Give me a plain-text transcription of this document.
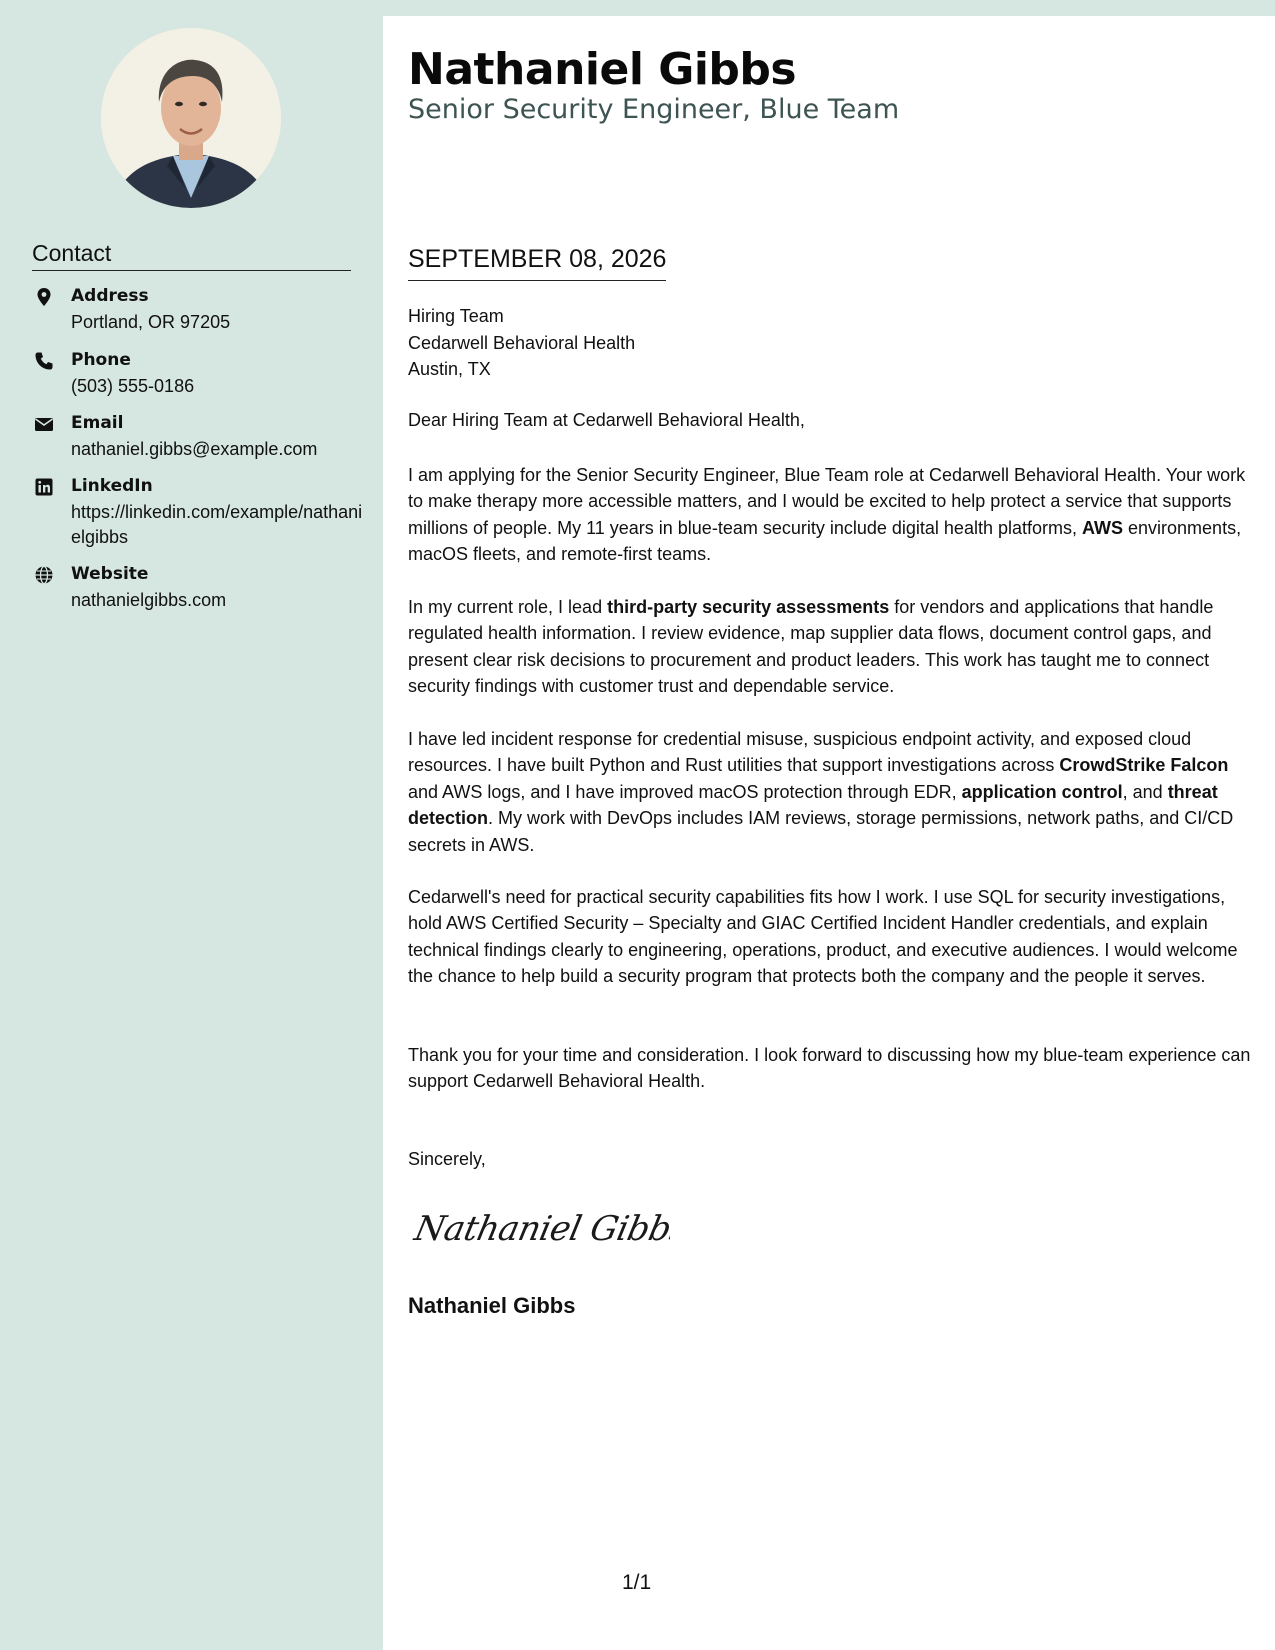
Contact
Address
Portland, OR 97205
Phone
(503) 555-0186
Email
nathaniel.gibbs@example.com
LinkedIn
https://linkedin.com/example/nathanielgibbs
Website
nathanielgibbs.com
Nathaniel Gibbs
Senior Security Engineer, Blue Team
SEPTEMBER 08, 2026
Hiring Team
Cedarwell Behavioral Health
Austin, TX
Dear Hiring Team at Cedarwell Behavioral Health,
I am applying for the Senior Security Engineer, Blue Team role at Cedarwell Behavioral Health. Your work to make therapy more accessible matters, and I would be excited to help protect a service that supports millions of people. My 11 years in blue-team security include digital health platforms, AWS environments, macOS fleets, and remote-first teams.
In my current role, I lead third-party security assessments for vendors and applications that handle regulated health information. I review evidence, map supplier data flows, document control gaps, and present clear risk decisions to procurement and product leaders. This work has taught me to connect security findings with customer trust and dependable service.
I have led incident response for credential misuse, suspicious endpoint activity, and exposed cloud resources. I have built Python and Rust utilities that support investigations across CrowdStrike Falcon and AWS logs, and I have improved macOS protection through EDR, application control, and threat detection. My work with DevOps includes IAM reviews, storage permissions, network paths, and CI/CD secrets in AWS.
Cedarwell's need for practical security capabilities fits how I work. I use SQL for security investigations, hold AWS Certified Security – Specialty and GIAC Certified Incident Handler credentials, and explain technical findings clearly to engineering, operations, product, and executive audiences. I would welcome the chance to help build a security program that protects both the company and the people it serves.
Thank you for your time and consideration. I look forward to discussing how my blue-team experience can support Cedarwell Behavioral Health.
Sincerely,
Nathaniel Gibbs
Nathaniel Gibbs
1/1
